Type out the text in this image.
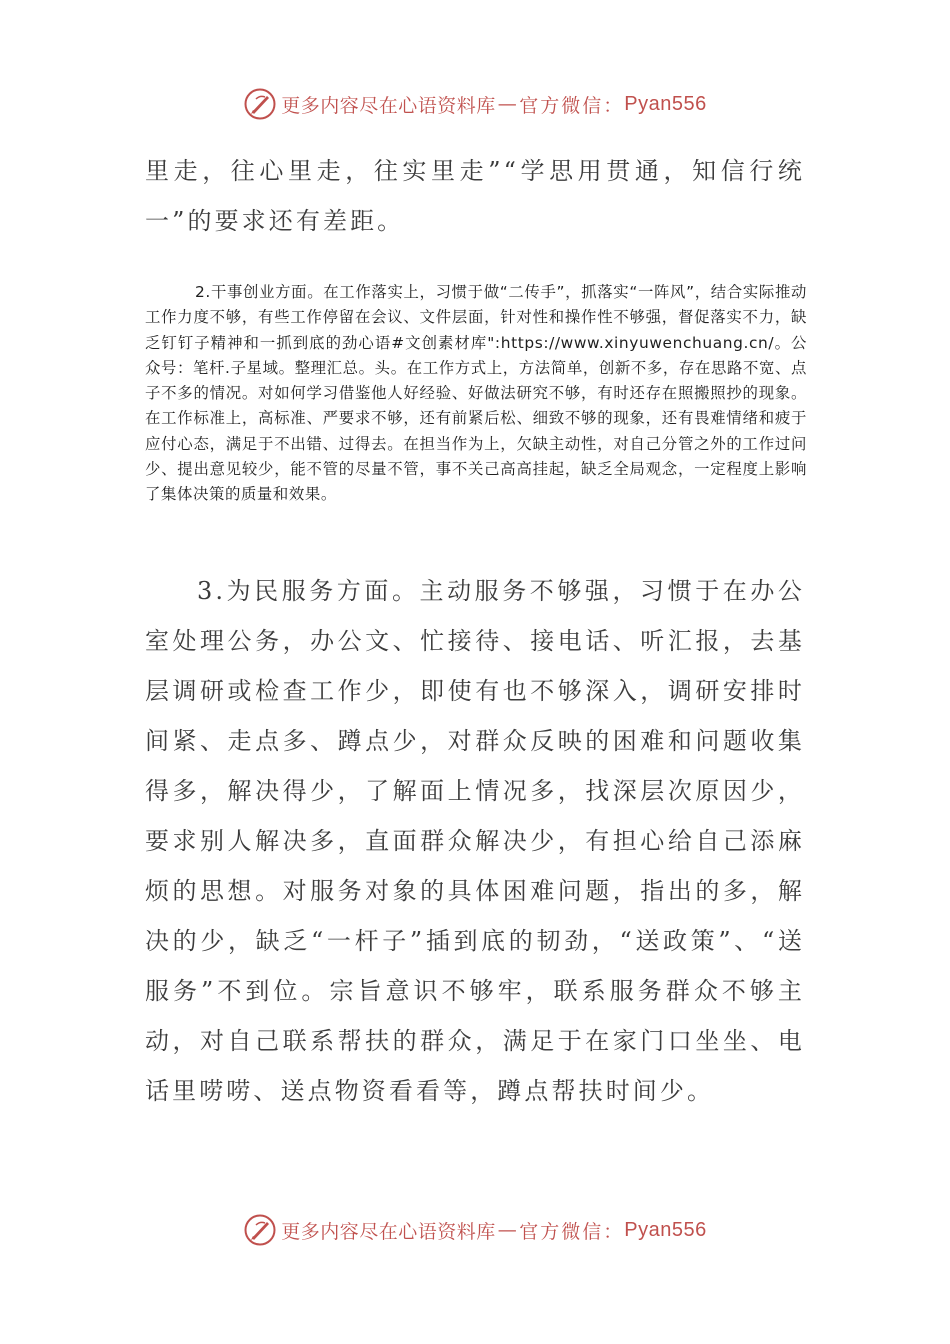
更多内容尽在心语资料库 — 官方微信： Pyan556
里走，往心里走，往实里走”“学思用贯通，知信行统一”的要求还有差距。
2.干事创业方面。在工作落实上，习惯于做“二传手”，抓落实“一阵风”，结合实际推动工作力度不够，有些工作停留在会议、文件层面，针对性和操作性不够强，督促落实不力，缺乏钉钉子精神和一抓到底的劲心语#文创素材库":https://www.xinyuwenchuang.cn/。公众号：笔杆.子星域。整理汇总。头。在工作方式上，方法简单，创新不多，存在思路不宽、点子不多的情况。对如何学习借鉴他人好经验、好做法研究不够，有时还存在照搬照抄的现象。在工作标准上，高标准、严要求不够，还有前紧后松、细致不够的现象，还有畏难情绪和疲于应付心态，满足于不出错、过得去。在担当作为上，欠缺主动性，对自己分管之外的工作过问少、提出意见较少，能不管的尽量不管，事不关己高高挂起，缺乏全局观念，一定程度上影响了集体决策的质量和效果。
3.为民服务方面。主动服务不够强，习惯于在办公室处理公务，办公文、忙接待、接电话、听汇报，去基层调研或检查工作少，即使有也不够深入，调研安排时间紧、走点多、蹲点少，对群众反映的困难和问题收集得多，解决得少，了解面上情况多，找深层次原因少，要求别人解决多，直面群众解决少，有担心给自己添麻烦的思想。对服务对象的具体困难问题，指出的多，解决的少，缺乏“一杆子”插到底的韧劲，“送政策”、“送服务”不到位。宗旨意识不够牢，联系服务群众不够主动，对自己联系帮扶的群众，满足于在家门口坐坐、电话里唠唠、送点物资看看等，蹲点帮扶时间少。
更多内容尽在心语资料库 — 官方微信： Pyan556
